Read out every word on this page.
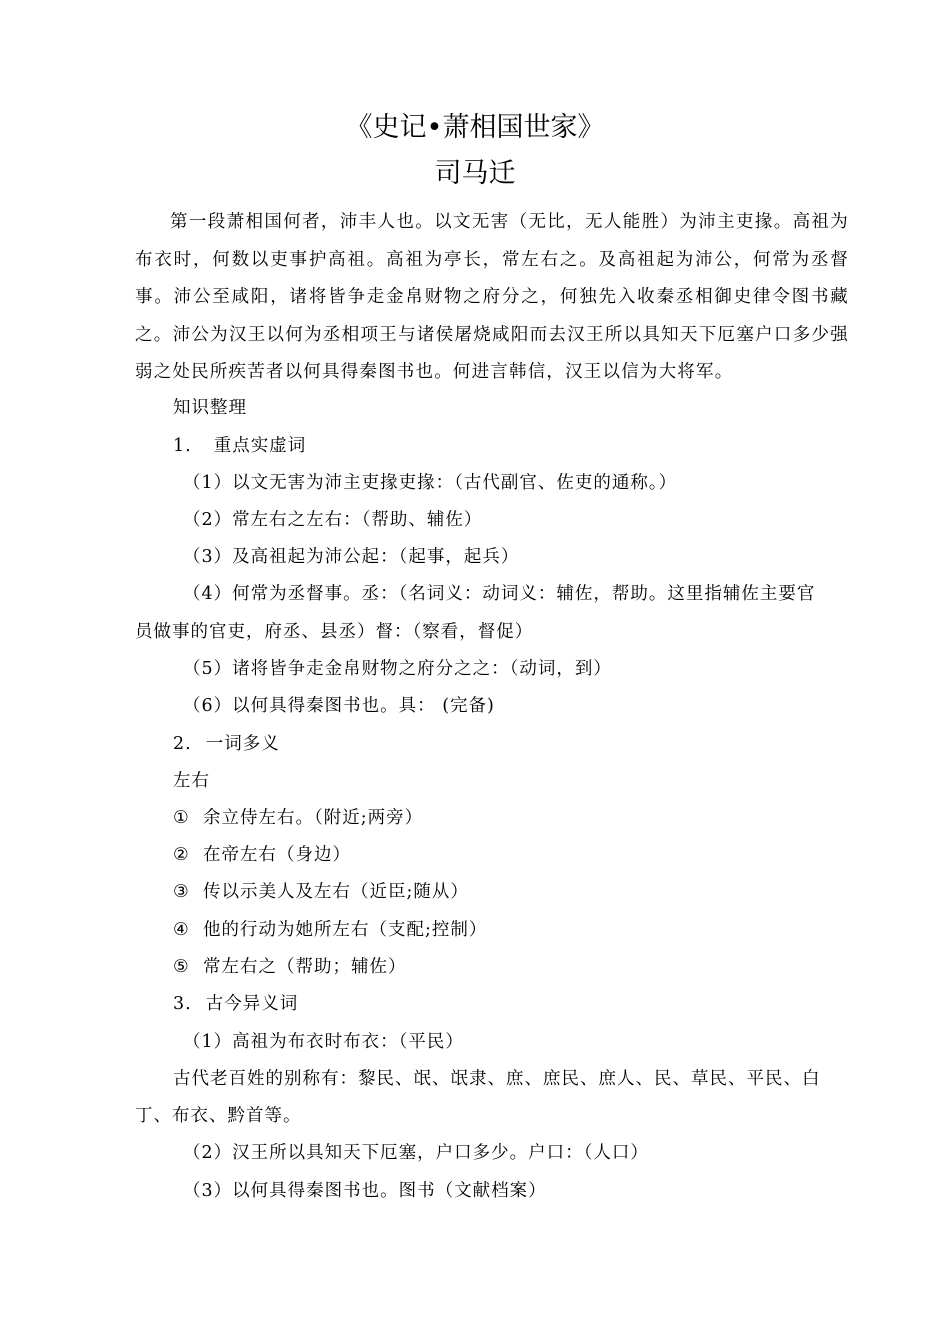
《史记•萧相国世家》
司马迁

第一段萧相国何者，沛丰人也。以文无害（无比，无人能胜）为沛主吏掾。高祖为布衣时，何数以吏事护高祖。高祖为亭长，常左右之。及高祖起为沛公，何常为丞督事。沛公至咸阳，诸将皆争走金帛财物之府分之，何独先入收秦丞相御史律令图书藏之。沛公为汉王以何为丞相项王与诸侯屠烧咸阳而去汉王所以具知天下厄塞户口多少强弱之处民所疾苦者以何具得秦图书也。何进言韩信，汉王以信为大将军。

知识整理
1. 重点实虚词
（1）以文无害为沛主吏掾吏掾：（古代副官、佐吏的通称。）
（2）常左右之左右：（帮助、辅佐）
（3）及高祖起为沛公起：（起事，起兵）
（4）何常为丞督事。丞：（名词义：动词义：辅佐，帮助。这里指辅佐主要官
员做事的官吏，府丞、县丞）督：（察看，督促）
（5）诸将皆争走金帛财物之府分之之：（动词，到）
（6）以何具得秦图书也。具： (完备)
2. 一词多义
左右
① 余立侍左右。（附近;两旁）
② 在帝左右（身边）
③ 传以示美人及左右（近臣;随从）
④ 他的行动为她所左右（支配;控制）
⑤ 常左右之（帮助；辅佐）
3. 古今异义词
（1）高祖为布衣时布衣：（平民）
古代老百姓的别称有：黎民、氓、氓隶、庶、庶民、庶人、民、草民、平民、白
丁、布衣、黔首等。
（2）汉王所以具知天下厄塞，户口多少。户口：（人口）
（3）以何具得秦图书也。图书（文献档案）
